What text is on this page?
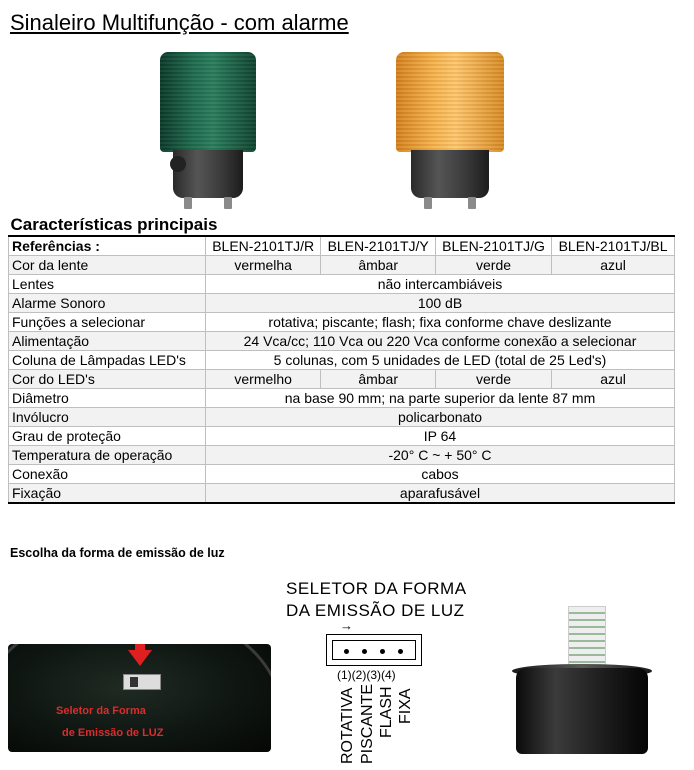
Sinaleiro Multifunção - com alarme
Características principais				
Referências :	BLEN-2101TJ/R	BLEN-2101TJ/Y	BLEN-2101TJ/G	BLEN-2101TJ/BL
Cor da lente	vermelha	âmbar	verde	azul
Lentes	não intercambiáveis			
Alarme Sonoro	100 dB			
Funções a selecionar	rotativa; piscante; flash; fixa conforme chave deslizante			
Alimentação	24 Vca/cc; 110 Vca ou 220 Vca conforme conexão a selecionar			
Coluna de Lâmpadas LED's	5 colunas, com 5 unidades de LED (total de 25 Led's)			
Cor do LED's	vermelho	âmbar	verde	azul
Diâmetro	na base 90 mm; na parte superior da lente 87 mm			
Invólucro	policarbonato			
Grau de proteção	IP 64			
Temperatura de operação	-20° C ~ + 50° C			
Conexão	cabos			
Fixação	aparafusável			
Escolha da forma de emissão de luz
Seletor da Forma
de Emissão de LUZ
SELETOR DA FORMA
DA EMISSÃO DE LUZ
→
(1)(2)(3)(4)
ROTATIVA PISCANTE FLASH FIXA
